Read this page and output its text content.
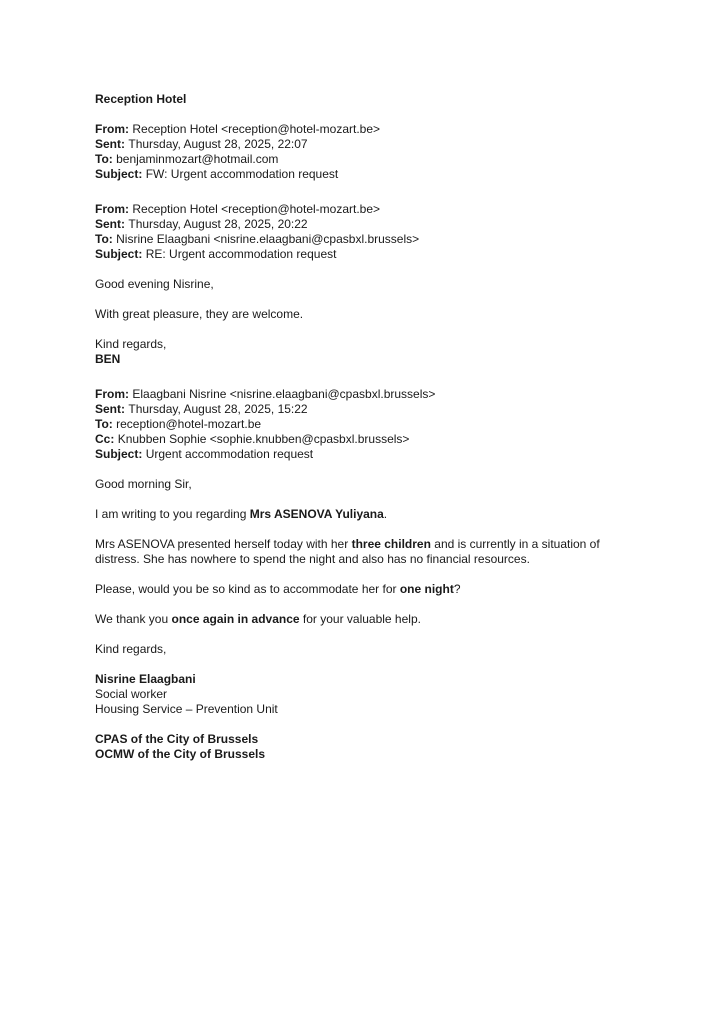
Reception Hotel
From: Reception Hotel <reception@hotel-mozart.be>
Sent: Thursday, August 28, 2025, 22:07
To: benjaminmozart@hotmail.com
Subject: FW: Urgent accommodation request
From: Reception Hotel <reception@hotel-mozart.be>
Sent: Thursday, August 28, 2025, 20:22
To: Nisrine Elaagbani <nisrine.elaagbani@cpasbxl.brussels>
Subject: RE: Urgent accommodation request

Good evening Nisrine,

With great pleasure, they are welcome.

Kind regards,
BEN
From: Elaagbani Nisrine <nisrine.elaagbani@cpasbxl.brussels>
Sent: Thursday, August 28, 2025, 15:22
To: reception@hotel-mozart.be
Cc: Knubben Sophie <sophie.knubben@cpasbxl.brussels>
Subject: Urgent accommodation request

Good morning Sir,

I am writing to you regarding Mrs ASENOVA Yuliyana.

Mrs ASENOVA presented herself today with her three children and is currently in a situation of distress. She has nowhere to spend the night and also has no financial resources.

Please, would you be so kind as to accommodate her for one night?

We thank you once again in advance for your valuable help.

Kind regards,

Nisrine Elaagbani
Social worker
Housing Service – Prevention Unit
CPAS of the City of Brussels
OCMW of the City of Brussels
